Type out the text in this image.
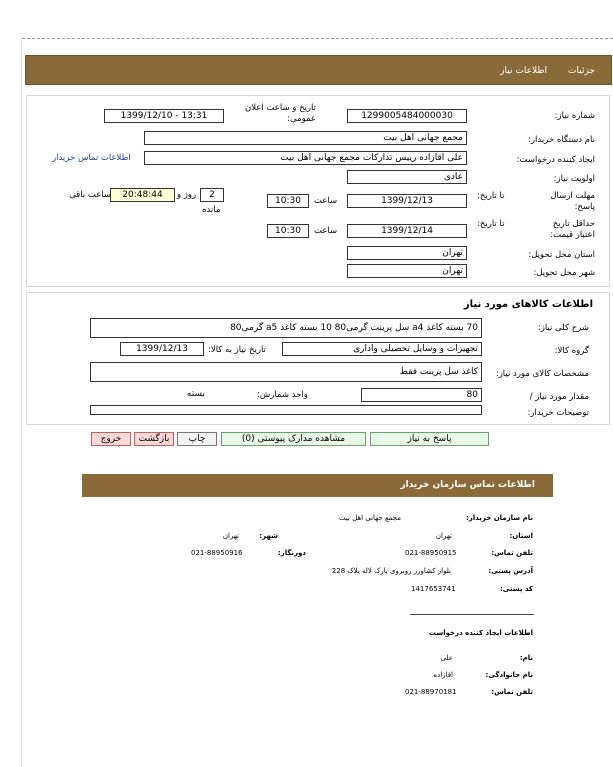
جزئیات
اطلاعات نیاز
شماره نیاز:
1299005484000030
تاریخ و ساعت اعلان عمومی:
1399/12/10 - 13:31
نام دستگاه خریدار:
مجمع جهانی اهل بیت
ایجاد کننده درخواست:
علی اقازاده رییس تدارکات مجمع جهانی اهل بیت
اطلاعات تماس خریدار
اولویت نیاز:
عادی
مهلت ارسال پاسخ:
تا تاریخ:
1399/12/13
ساعت
10:30
2
روز و
20:48:44
ساعت باقی
مانده
حداقل تاریخ اعتبار قیمت:
تا تاریخ:
1399/12/14
ساعت
10:30
استان محل تحویل:
تهران
شهر محل تحویل:
تهران
اطلاعات کالاهای مورد نیاز
شرح کلی نیاز:
70 بسته کاغذ a4 سل پرینت گرمی80 10 بسته کاغذ a5 گرمی80
گروه کالا:
تجهیزات و وسایل تحصیلی واداری
تاریخ نیاز به کالا:
1399/12/13
مشخصات کالای مورد نیاز:
کاغذ سل پرینت فقط
مقدار مورد نیاز /
80
واحد شمارش:
بسته
توضیحات خریدار:
پاسخ به نیاز
مشاهده مدارک پیوستی (0)
چاپ
بازگشت
خروج
اطلاعات تماس سازمان خریدار
نام سازمان خریدار:
مجمع جهانی اهل بیت
استان:
تهران
شهر:
تهران
تلفن تماس:
021-88950915
دورنگار:
021-88950916
آدرس پستی:
بلوار کشاورز روبروی پارک لاله پلاک 228
کد پستی:
1417653741
اطلاعات ایجاد کننده درخواست
نام:
علی
نام خانوادگی:
اقازاده
تلفن تماس:
021-88970181
